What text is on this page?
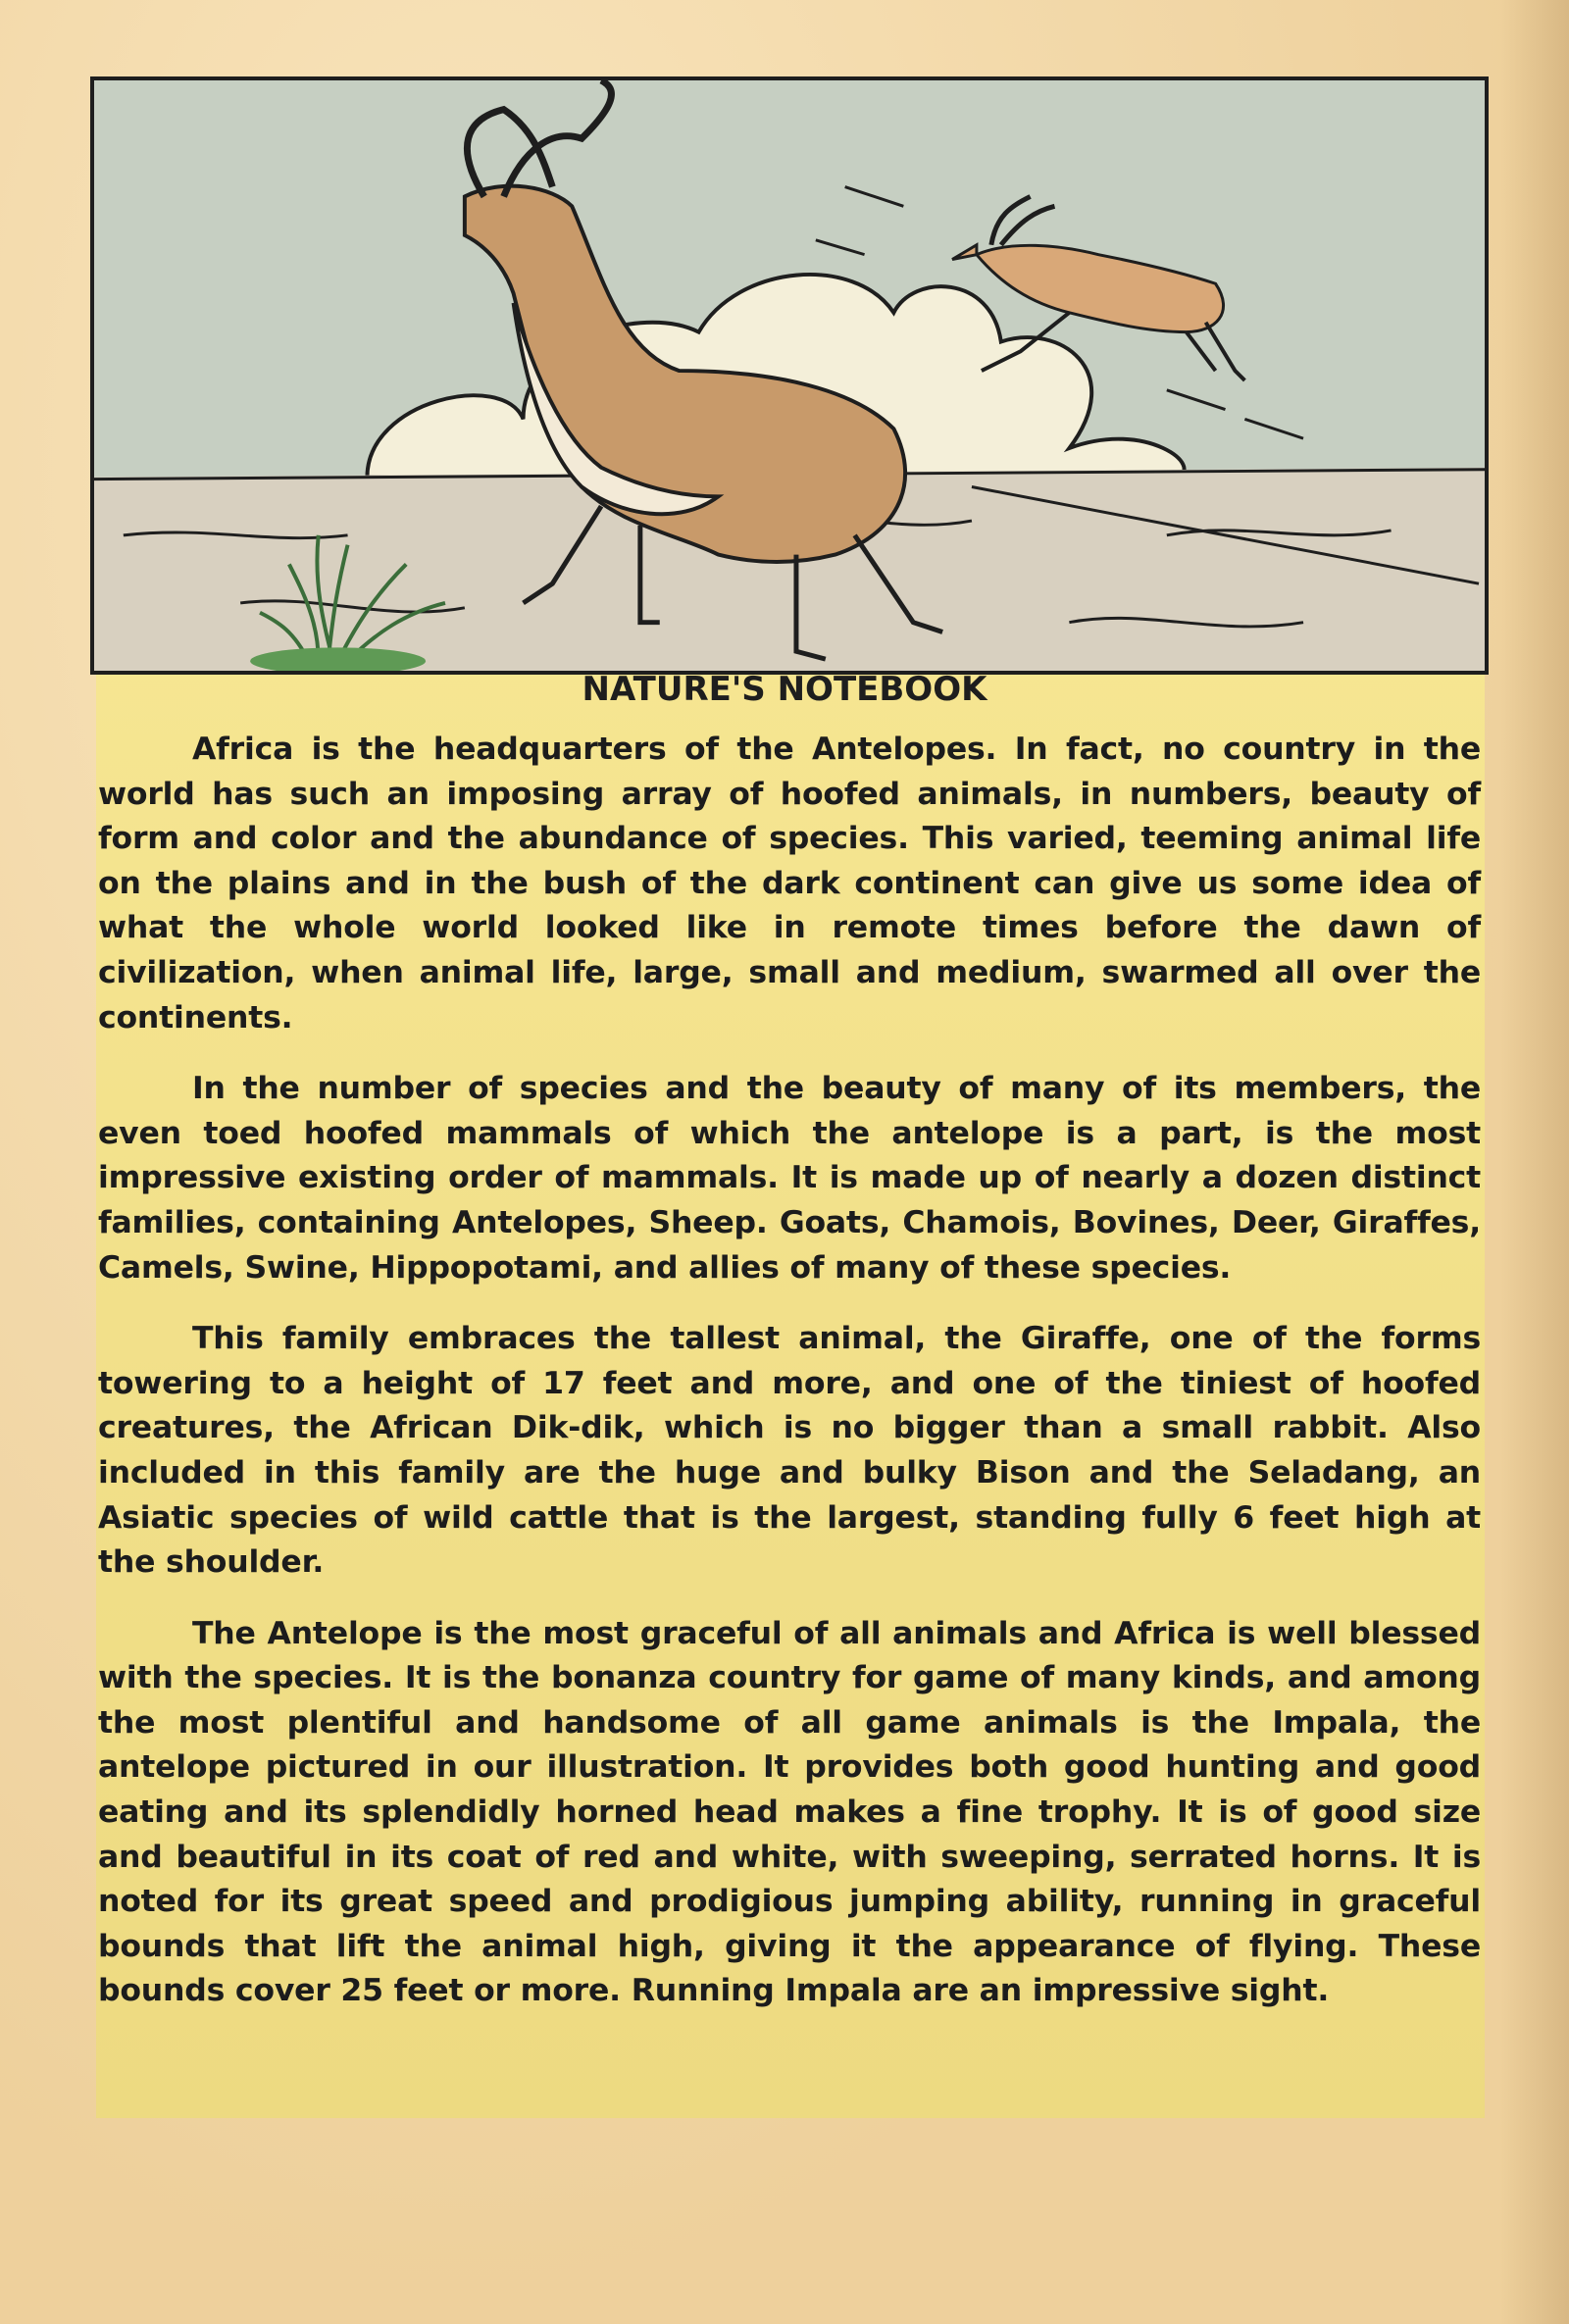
NATURE'S NOTEBOOK

Africa is the headquarters of the Antelopes. In fact, no country in the world has such an imposing array of hoofed animals, in numbers, beauty of form and color and the abundance of species. This varied, teeming animal life on the plains and in the bush of the dark continent can give us some idea of what the whole world looked like in remote times before the dawn of civilization, when animal life, large, small and medium, swarmed all over the continents.

In the number of species and the beauty of many of its members, the even toed hoofed mammals of which the antelope is a part, is the most impressive existing order of mammals. It is made up of nearly a dozen distinct families, containing Antelopes, Sheep. Goats, Chamois, Bovines, Deer, Giraffes, Camels, Swine, Hippopotami, and allies of many of these species.

This family embraces the tallest animal, the Giraffe, one of the forms towering to a height of 17 feet and more, and one of the tiniest of hoofed creatures, the African Dik-dik, which is no bigger than a small rabbit. Also included in this family are the huge and bulky Bison and the Seladang, an Asiatic species of wild cattle that is the largest, standing fully 6 feet high at the shoulder.

The Antelope is the most graceful of all animals and Africa is well blessed with the species. It is the bonanza country for game of many kinds, and among the most plentiful and handsome of all game animals is the Impala, the antelope pictured in our illustration. It provides both good hunting and good eating and its splendidly horned head makes a fine trophy. It is of good size and beautiful in its coat of red and white, with sweeping, serrated horns. It is noted for its great speed and prodigious jumping ability, running in graceful bounds that lift the animal high, giving it the appearance of flying. These bounds cover 25 feet or more. Running Impala are an impressive sight.
